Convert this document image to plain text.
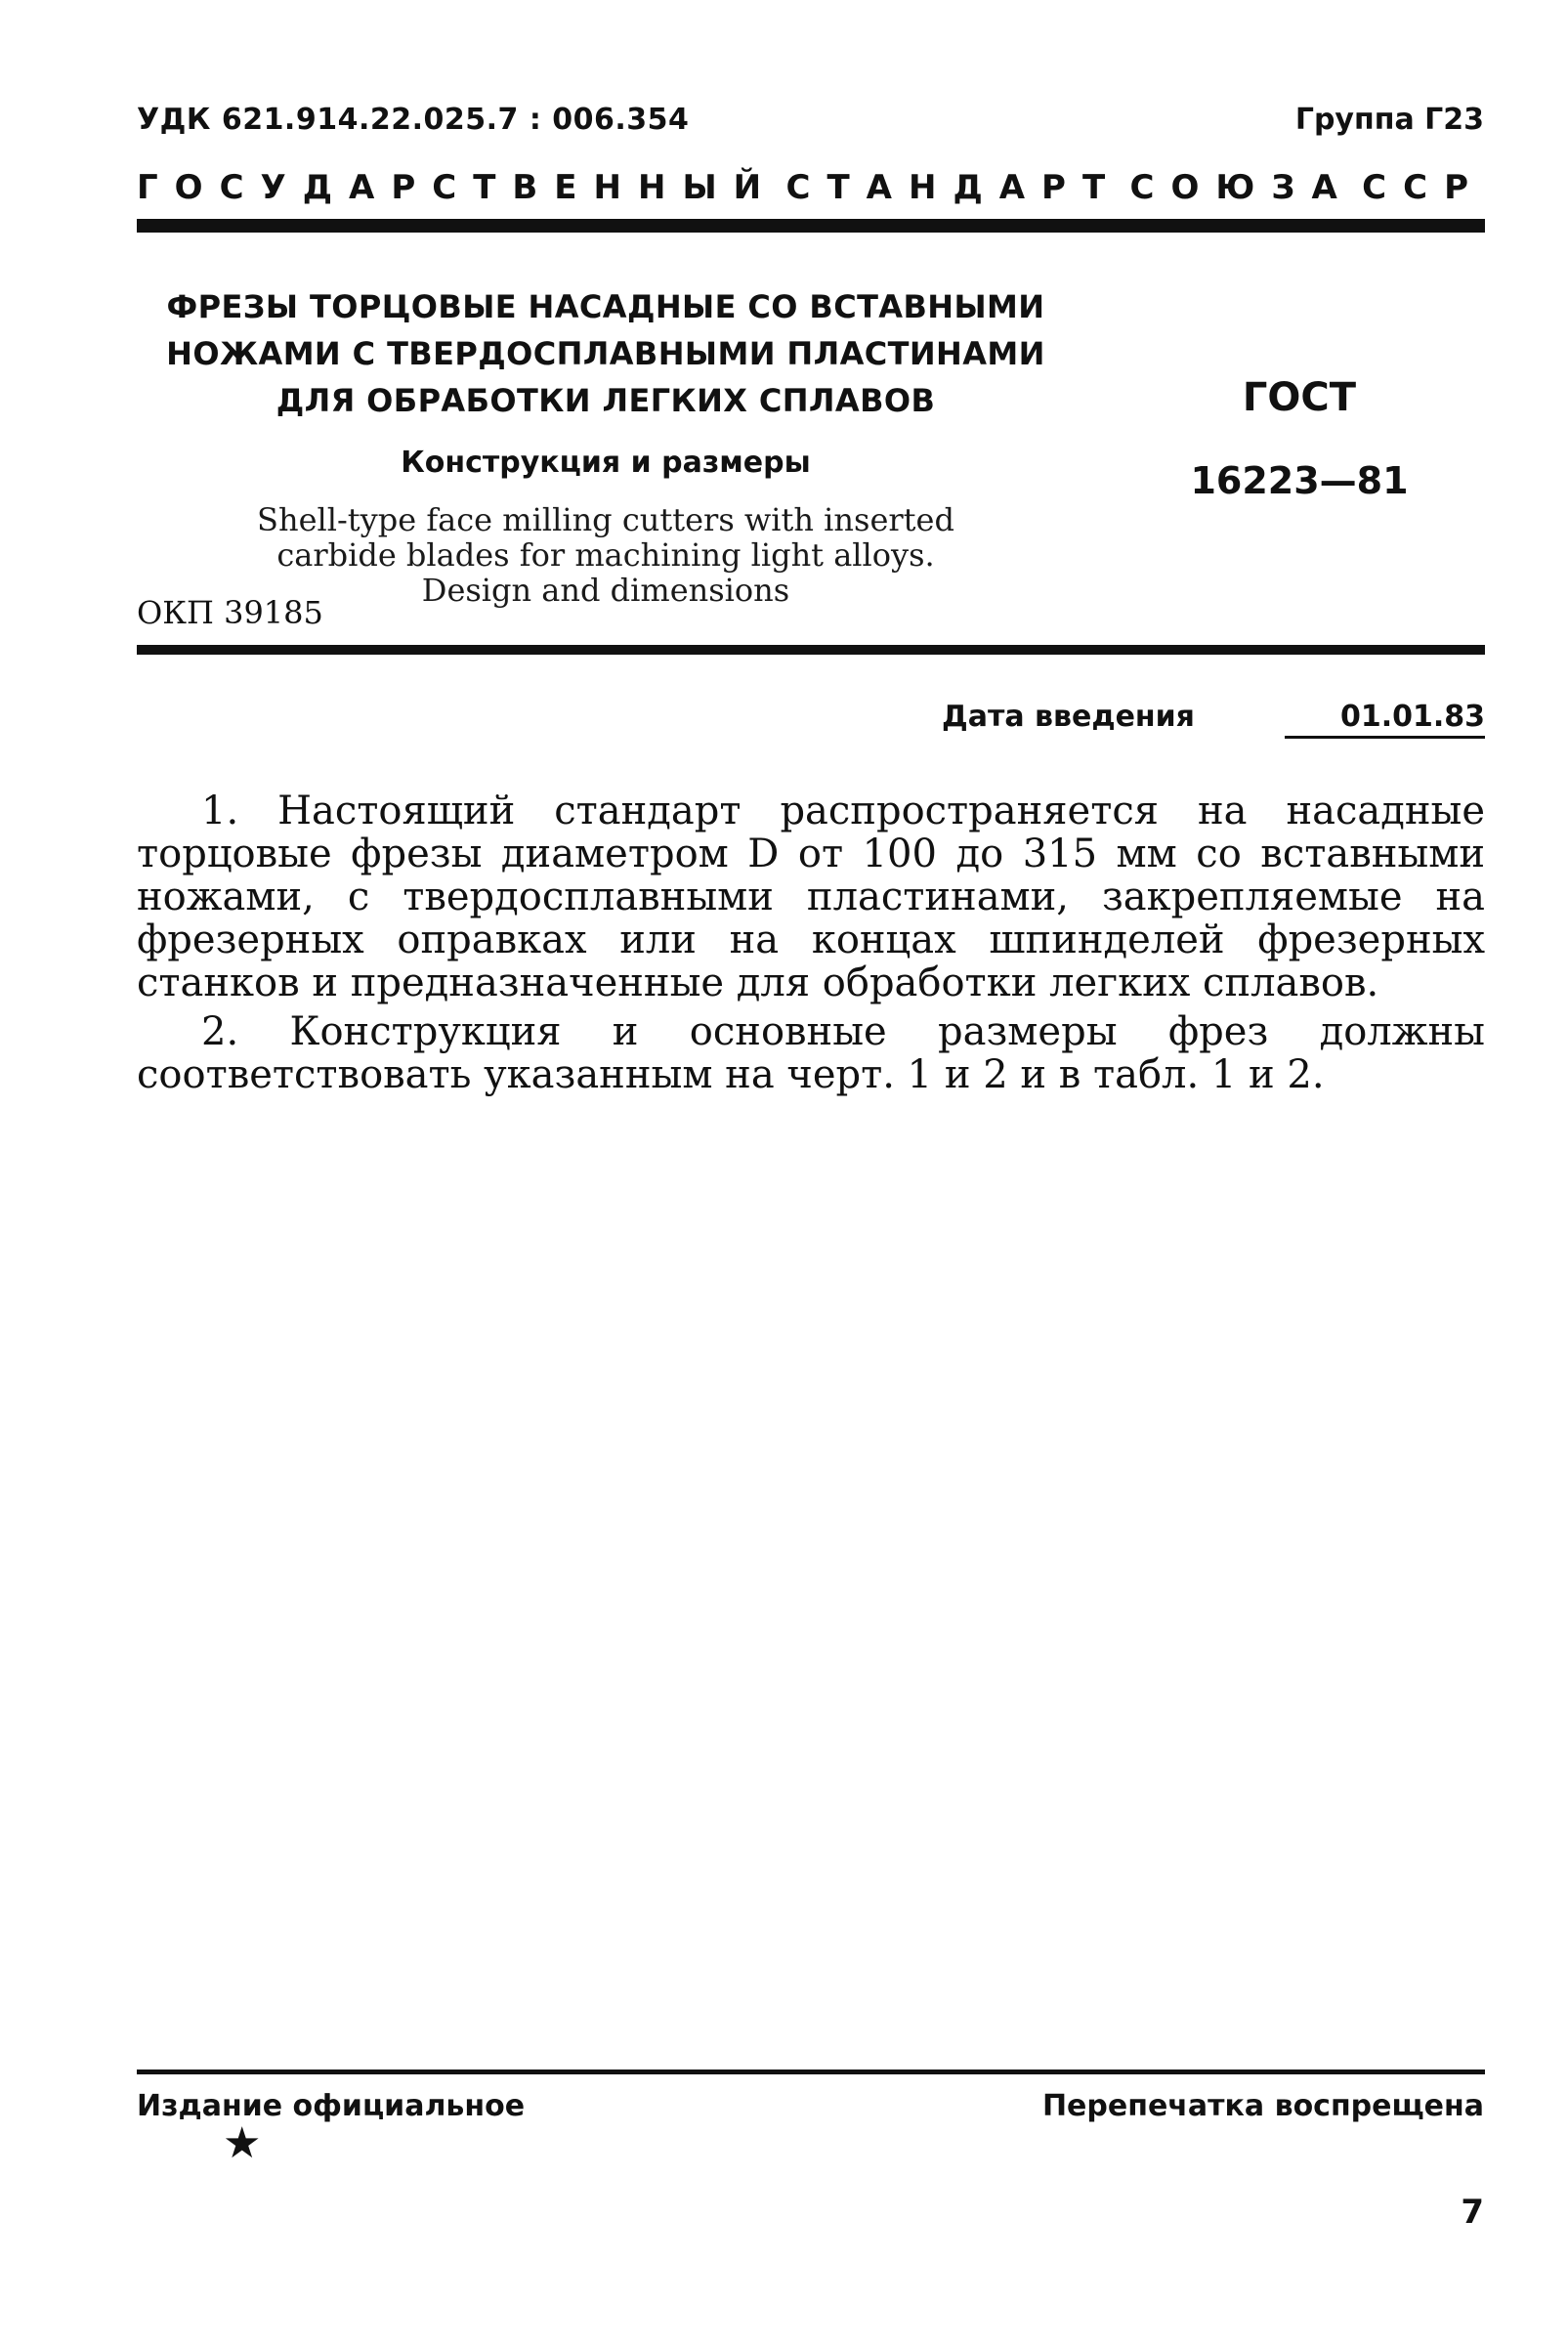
УДК 621.914.22.025.7 : 006.354	Группа Г23
ГОСУДАРСТВЕННЫЙ СТАНДАРТ СОЮЗА ССР
ФРЕЗЫ ТОРЦОВЫЕ НАСАДНЫЕ СО ВСТАВНЫМИ
НОЖАМИ С ТВЕРДОСПЛАВНЫМИ ПЛАСТИНАМИ
ДЛЯ ОБРАБОТКИ ЛЕГКИХ СПЛАВОВ
Конструкция и размеры
Shell-type face milling cutters with inserted
carbide blades for machining light alloys.
Design and dimensions
ОКП 39185
ГОСТ
16223—81
Дата введения	01.01.83

1. Настоящий стандарт распространяется на насадные торцовые фрезы диаметром D от 100 до 315 мм со вставными ножами, с твердосплавными пластинами, закрепляемые на фрезерных оправках или на концах шпинделей фрезерных станков и предназначенные для обработки легких сплавов.

2. Конструкция и основные размеры фрез должны соответствовать указанным на черт. 1 и 2 и в табл. 1 и 2.

Издание официальное
★
Перепечатка воспрещена
7
